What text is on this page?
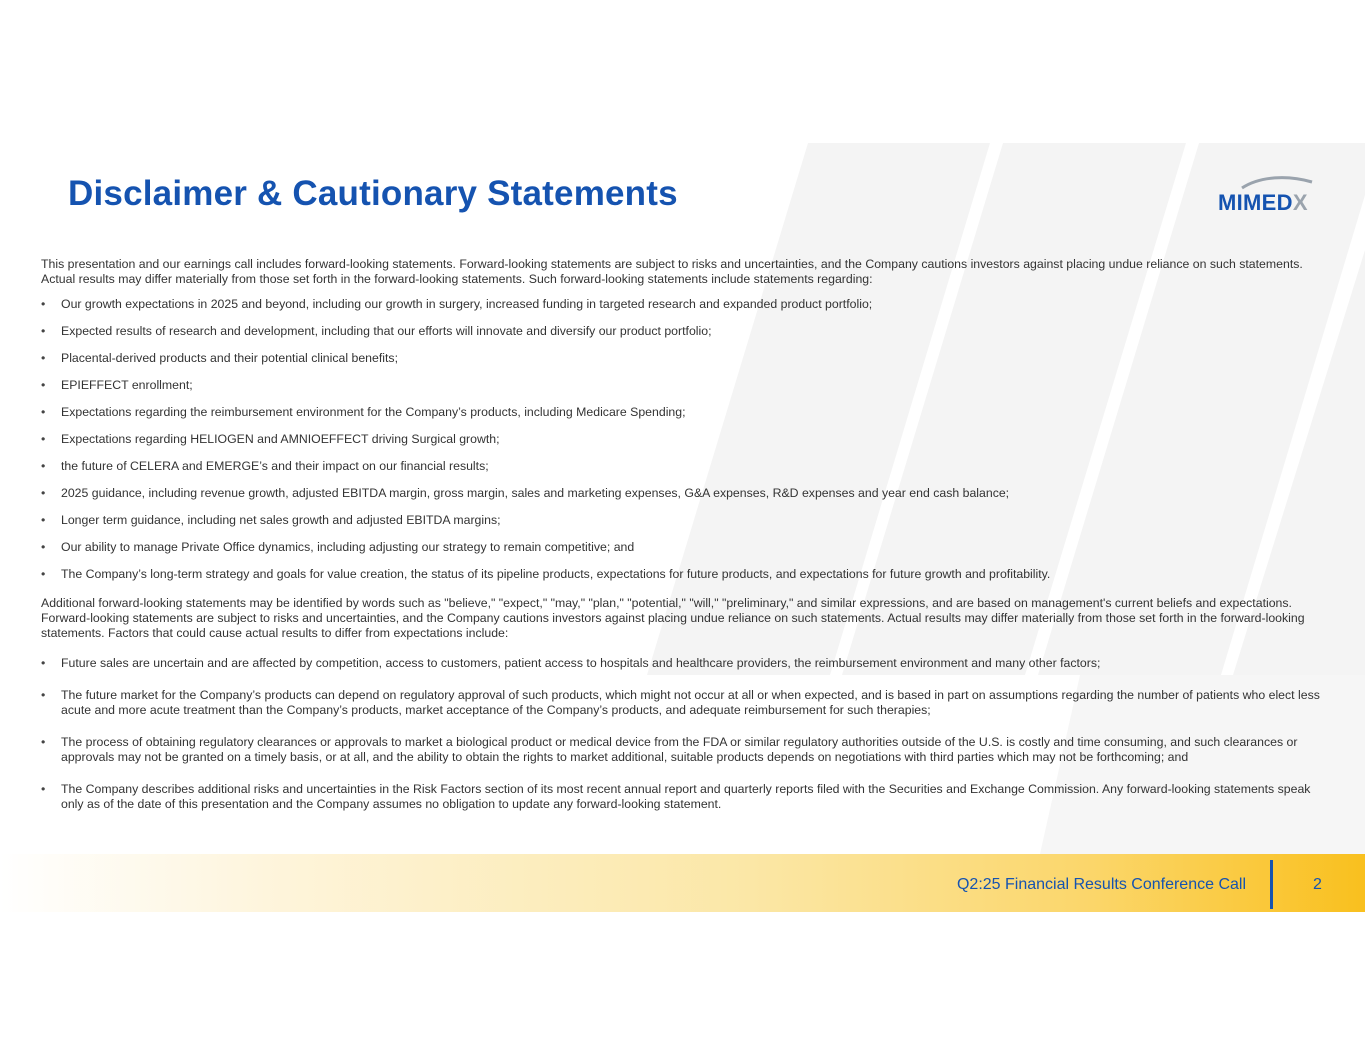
Disclaimer & Cautionary Statements	MIMEDX

This presentation and our earnings call includes forward-looking statements. Forward-looking statements are subject to risks and uncertainties, and the Company cautions investors against placing undue reliance on such statements. Actual results may differ materially from those set forth in the forward-looking statements. Such forward-looking statements include statements regarding:

• Our growth expectations in 2025 and beyond, including our growth in surgery, increased funding in targeted research and expanded product portfolio;
• Expected results of research and development, including that our efforts will innovate and diversify our product portfolio;
• Placental-derived products and their potential clinical benefits;
• EPIEFFECT enrollment;
• Expectations regarding the reimbursement environment for the Company’s products, including Medicare Spending;
• Expectations regarding HELIOGEN and AMNIOEFFECT driving Surgical growth;
• the future of CELERA and EMERGE’s and their impact on our financial results;
• 2025 guidance, including revenue growth, adjusted EBITDA margin, gross margin, sales and marketing expenses, G&A expenses, R&D expenses and year end cash balance;
• Longer term guidance, including net sales growth and adjusted EBITDA margins;
• Our ability to manage Private Office dynamics, including adjusting our strategy to remain competitive; and
• The Company’s long-term strategy and goals for value creation, the status of its pipeline products, expectations for future products, and expectations for future growth and profitability.

Additional forward-looking statements may be identified by words such as "believe," "expect," "may," "plan," "potential," "will," "preliminary," and similar expressions, and are based on management's current beliefs and expectations. Forward-looking statements are subject to risks and uncertainties, and the Company cautions investors against placing undue reliance on such statements. Actual results may differ materially from those set forth in the forward-looking statements. Factors that could cause actual results to differ from expectations include:

• Future sales are uncertain and are affected by competition, access to customers, patient access to hospitals and healthcare providers, the reimbursement environment and many other factors;
• The future market for the Company’s products can depend on regulatory approval of such products, which might not occur at all or when expected, and is based in part on assumptions regarding the number of patients who elect less acute and more acute treatment than the Company’s products, market acceptance of the Company’s products, and adequate reimbursement for such therapies;
• The process of obtaining regulatory clearances or approvals to market a biological product or medical device from the FDA or similar regulatory authorities outside of the U.S. is costly and time consuming, and such clearances or approvals may not be granted on a timely basis, or at all, and the ability to obtain the rights to market additional, suitable products depends on negotiations with third parties which may not be forthcoming; and
• The Company describes additional risks and uncertainties in the Risk Factors section of its most recent annual report and quarterly reports filed with the Securities and Exchange Commission. Any forward-looking statements speak only as of the date of this presentation and the Company assumes no obligation to update any forward-looking statement.
Q2:25 Financial Results Conference Call	2
